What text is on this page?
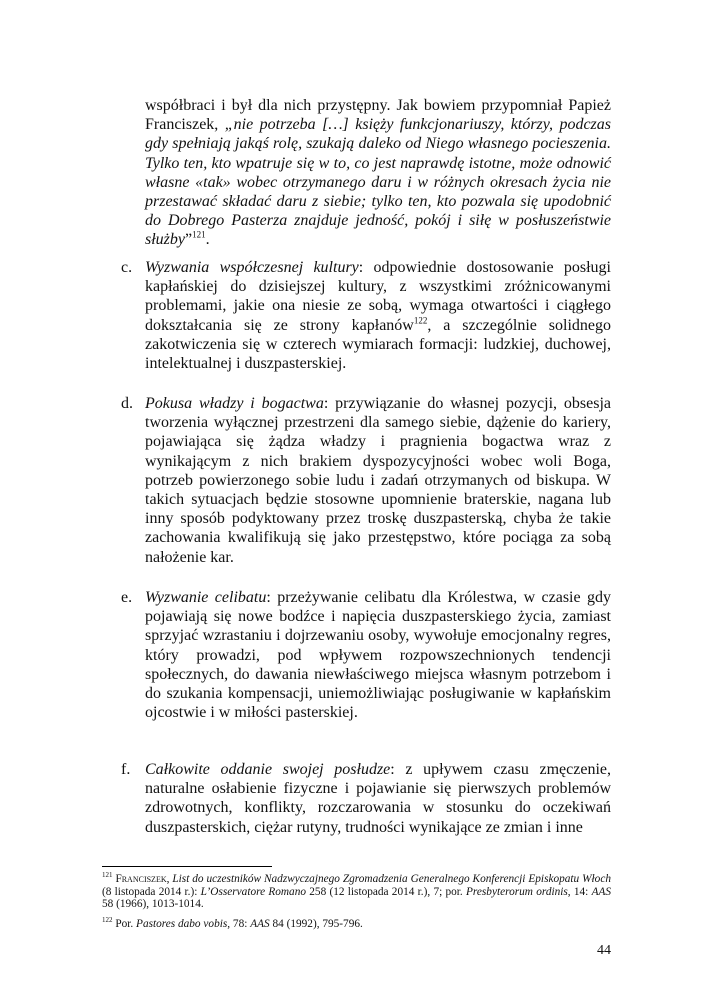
współbraci i był dla nich przystępny. Jak bowiem przypomniał Papież Franciszek, „nie potrzeba […] księży funkcjonariuszy, którzy, podczas gdy spełniają jakąś rolę, szukają daleko od Niego własnego pocieszenia. Tylko ten, kto wpatruje się w to, co jest naprawdę istotne, może odnowić własne «tak» wobec otrzymanego daru i w różnych okresach życia nie przestawać składać daru z siebie; tylko ten, kto pozwala się upodobnić do Dobrego Pasterza znajduje jedność, pokój i siłę w posłuszeństwie służby”$^{121}$.
c. Wyzwania współczesnej kultury: odpowiednie dostosowanie posługi kapłańskiej do dzisiejszej kultury, z wszystkimi zróżnicowanymi problemami, jakie ona niesie ze sobą, wymaga otwartości i ciągłego dokształcania się ze strony kapłanów$^{122}$, a szczególnie solidnego zakotwiczenia się w czterech wymiarach formacji: ludzkiej, duchowej, intelektualnej i duszpasterskiej.

d. Pokusa władzy i bogactwa: przywiązanie do własnej pozycji, obsesja tworzenia wyłącznej przestrzeni dla samego siebie, dążenie do kariery, pojawiająca się żądza władzy i pragnienia bogactwa wraz z wynikającym z nich brakiem dyspozycyjności wobec woli Boga, potrzeb powierzonego sobie ludu i zadań otrzymanych od biskupa. W takich sytuacjach będzie stosowne upomnienie braterskie, nagana lub inny sposób podyktowany przez troskę duszpasterską, chyba że takie zachowania kwalifikują się jako przestępstwo, które pociąga za sobą nałożenie kar.

e. Wyzwanie celibatu: przeżywanie celibatu dla Królestwa, w czasie gdy pojawiają się nowe bodźce i napięcia duszpasterskiego życia, zamiast sprzyjać wzrastaniu i dojrzewaniu osoby, wywołuje emocjonalny regres, który prowadzi, pod wpływem rozpowszechnionych tendencji społecznych, do dawania niewłaściwego miejsca własnym potrzebom i do szukania kompensacji, uniemożliwiając posługiwanie w kapłańskim ojcostwie i w miłości pasterskiej.

f. Całkowite oddanie swojej posłudze: z upływem czasu zmęczenie, naturalne osłabienie fizyczne i pojawianie się pierwszych problemów zdrowotnych, konflikty, rozczarowania w stosunku do oczekiwań duszpasterskich, ciężar rutyny, trudności wynikające ze zmian i inne

$^{121}$ Franciszek, List do uczestników Nadzwyczajnego Zgromadzenia Generalnego Konferencji Episkopatu Włoch (8 listopada 2014 r.): L’Osservatore Romano 258 (12 listopada 2014 r.), 7; por. Presbyterorum ordinis, 14: AAS 58 (1966), 1013-1014.
$^{122}$ Por. Pastores dabo vobis, 78: AAS 84 (1992), 795-796.
44
